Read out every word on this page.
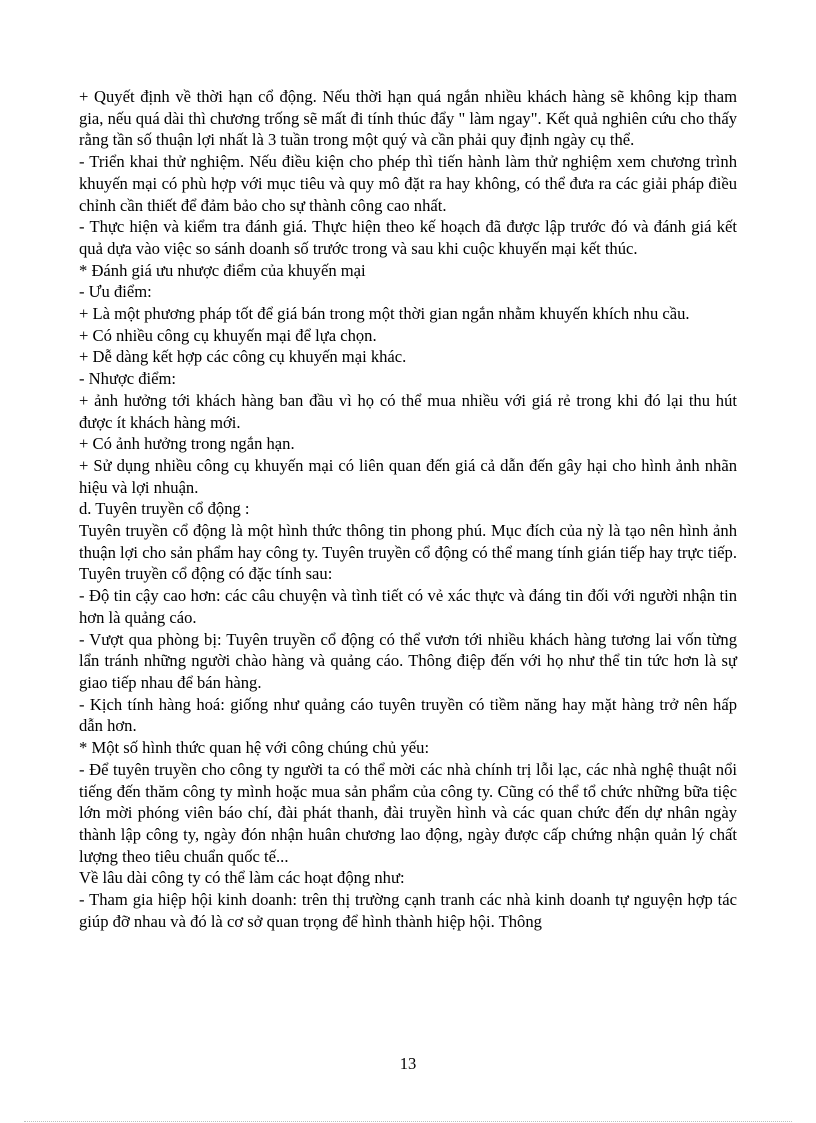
+ Quyết định về thời hạn cổ động. Nếu thời hạn quá ngắn nhiều khách hàng sẽ không kịp tham gia, nếu quá dài thì chương trống sẽ mất đi tính thúc đẩy " làm ngay". Kết quả nghiên cứu cho thấy rằng tần số thuận lợi nhất là 3 tuần trong một quý và cần phải quy định ngày cụ thể.

- Triển khai thử nghiệm. Nếu điều kiện cho phép thì tiến hành làm thử nghiệm xem chương trình khuyến mại có phù hợp với mục tiêu và quy mô đặt ra hay không, có thể đưa ra các giải pháp điều chỉnh cần thiết để đảm bảo cho sự thành công cao nhất.

- Thực hiện và kiểm tra đánh giá. Thực hiện theo kế hoạch đã được lập trước đó và đánh giá kết quả dựa vào việc so sánh doanh số trước trong và sau khi cuộc khuyến mại kết thúc.

* Đánh giá ưu nhược điểm của khuyến mại

- Ưu điểm:

+ Là một phương pháp tốt để giá bán trong một thời gian ngắn nhằm khuyến khích nhu cầu.

+ Có nhiều công cụ khuyến mại để lựa chọn.

+ Dễ dàng kết hợp các công cụ khuyến mại khác.

- Nhược điểm:

+ ảnh hưởng tới khách hàng ban đầu vì họ có thể mua nhiều với giá rẻ trong khi đó lại thu hút được ít khách hàng mới.

+ Có ảnh hưởng trong ngắn hạn.

+ Sử dụng nhiều công cụ khuyến mại có liên quan đến giá cả dẫn đến gây hại cho hình ảnh nhãn hiệu và lợi nhuận.

d. Tuyên truyền cổ động :

Tuyên truyền cổ động là một hình thức thông tin phong phú. Mục đích của nỳ là tạo nên hình ảnh thuận lợi cho sản phẩm hay công ty. Tuyên truyền cổ động có thể mang tính gián tiếp hay trực tiếp. Tuyên truyền cổ động có đặc tính sau:

- Độ tin cậy cao hơn: các câu chuyện và tình tiết có vẻ xác thực và đáng tin đối với người nhận tin hơn là quảng cáo.

- Vượt qua phòng bị: Tuyên truyền cổ động có thể vươn tới nhiều khách hàng tương lai vốn từng lẩn tránh những người chào hàng và quảng cáo. Thông điệp đến với họ như thể tin tức hơn là sự giao tiếp nhau để bán hàng.

- Kịch tính hàng hoá: giống như quảng cáo tuyên truyền có tiềm năng hay mặt hàng trở nên hấp dẫn hơn.

* Một số hình thức quan hệ với công chúng chủ yếu:

- Để tuyên truyền cho công ty người ta có thể mời các nhà chính trị lỗi lạc, các nhà nghệ thuật nổi tiếng đến thăm công ty mình hoặc mua sản phẩm của công ty. Cũng có thể tổ chức những bữa tiệc lớn mời phóng viên báo chí, đài phát thanh, đài truyền hình và các quan chức đến dự nhân ngày thành lập công ty, ngày đón nhận huân chương lao động, ngày được cấp chứng nhận quản lý chất lượng theo tiêu chuẩn quốc tế...

Về lâu dài công ty có thể làm các hoạt động như:

- Tham gia hiệp hội kinh doanh: trên thị trường cạnh tranh các nhà kinh doanh tự nguyện hợp tác giúp đỡ nhau và đó là cơ sở quan trọng để hình thành hiệp hội. Thông

13
